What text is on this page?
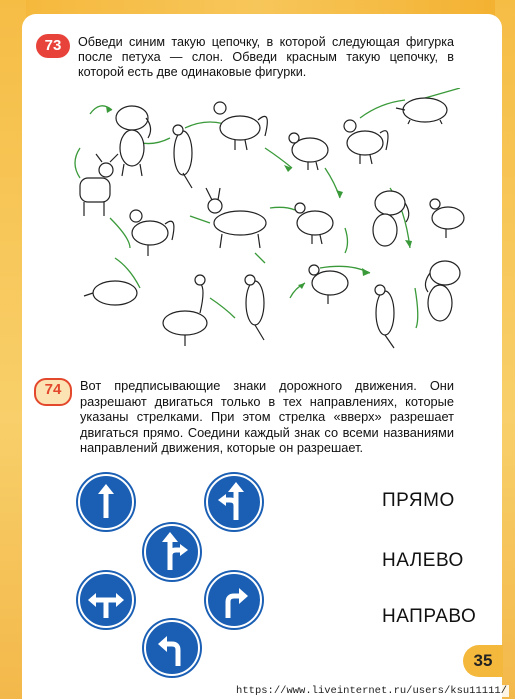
73	Обведи синим такую цепочку, в которой следующая фигурка после петуха — слон. Обведи красным такую цепочку, в которой есть две одинаковые фигурки.
74	Вот предписывающие знаки дорожного движения. Они разрешают двигаться только в тех направлениях, которые указаны стрелками. При этом стрелка «вверх» разрешает двигаться прямо. Соедини каждый знак со всеми названиями направлений движения, которые он разрешает.
ПРЯМО
НАЛЕВО
НАПРАВО
35
https://www.liveinternet.ru/users/ksu11111/
